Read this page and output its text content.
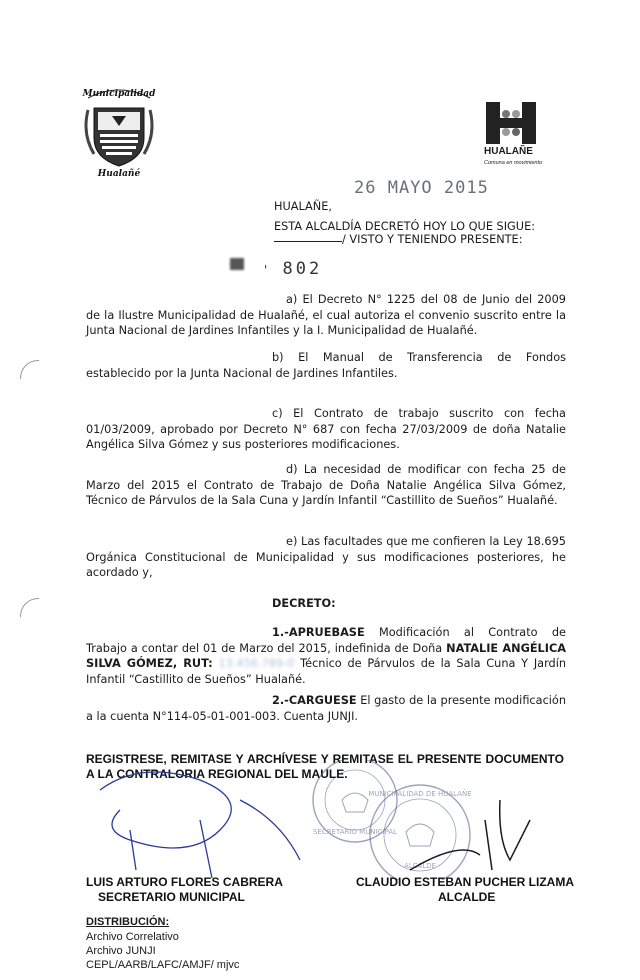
Municipalidad
Hualañé
HUALAÑE
Comuna en movimiento
26 MAYO 2015
HUALAÑE,
ESTA ALCALDÍA DECRETÓ HOY LO QUE SIGUE:
/ VISTO Y TENIENDO PRESENTE:
' 802
a) El Decreto N° 1225 del 08 de Junio del 2009 de la Ilustre Municipalidad de Hualañé, el cual autoriza el convenio suscrito entre la Junta Nacional de Jardines Infantiles y la I. Municipalidad de Hualañé.
b) El Manual de Transferencia de Fondos establecido por la Junta Nacional de Jardines Infantiles.
c) El Contrato de trabajo suscrito con fecha 01/03/2009, aprobado por Decreto N° 687 con fecha 27/03/2009 de doña Natalie Angélica Silva Gómez y sus posteriores modificaciones.
d) La necesidad de modificar con fecha 25 de Marzo del 2015 el Contrato de Trabajo de Doña Natalie Angélica Silva Gómez, Técnico de Párvulos de la Sala Cuna y Jardín Infantil “Castillito de Sueños” Hualañé.
e) Las facultades que me confieren la Ley 18.695 Orgánica Constitucional de Municipalidad y sus modificaciones posteriores, he acordado y,
DECRETO:
1.-APRUEBASE Modificación al Contrato de Trabajo a contar del 01 de Marzo del 2015, indefinida de Doña NATALIE ANGÉLICA SILVA GÓMEZ, RUT: 13.456.789-0 Técnico de Párvulos de la Sala Cuna Y Jardín Infantil “Castillito de Sueños” Hualañé.
2.-CARGUESE El gasto de la presente modificación a la cuenta N°114-05-01-001-003. Cuenta JUNJI.
REGISTRESE, REMITASE Y ARCHÍVESE Y REMITASE EL PRESENTE DOCUMENTO A LA CONTRALORIA REGIONAL DEL MAULE.
SECRETARIO MUNICIPAL
MUNICIPALIDAD DE HUALAÑE
ALCALDE
LUIS ARTURO FLORES CABRERA
SECRETARIO MUNICIPAL
CLAUDIO ESTEBAN PUCHER LIZAMA
ALCALDE
DISTRIBUCIÓN:
Archivo Correlativo
Archivo JUNJI
CEPL/AARB/LAFC/AMJF/ mjvc
